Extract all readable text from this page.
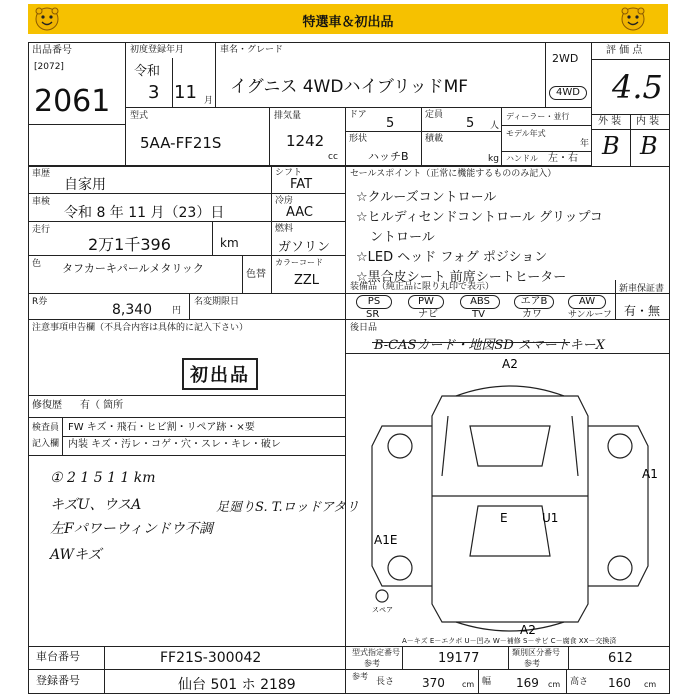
特選車＆初出品
出品番号
[2072]
2061
初度登録年月
令和
3 11 月
車名・グレード
イグニス 4WDハイブリッドMF
2WD
4WD
評 価 点
4.5
型式
5AA-FF21S
排気量
1242
cc
ドア
5
定員
5 人
形状
ハッチB
積載
kg
ディーラー・並行
モデル年式
年
ハンドル 左・右
外 装 内 装
B B
車歴
自家用
シフト
FAT
車検
令和 8 年 11 月（23）日
冷房
AAC
走行
2万1千396	km
燃料
ガソリン
色 タフカーキパールメタリック	色替
カラーコード
ZZL
セールスポイント（正常に機能するもののみ記入）
☆クルーズコントロール
☆ヒルディセンドコントロール グリップコ
ントロール
☆LED ヘッド フォグ ポジション
☆黒合皮シート 前席シートヒーター
R券	8,340 円
名変期限日
装備品（純正品に限り丸印で表示）
PS	PW	ABS	エアB	AW
SR	ナビ	TV	カワ	サンルーフ
新車保証書
有・無
後日品
B-CASカード・地図SD スマートキーX
注意事項申告欄（不具合内容は具体的に記入下さい）
初出品
修復歴 有（ 箇所
検査員
記入欄
FW キズ・飛石・ヒビ割・リペア跡・×要
内装 キズ・汚レ・コゲ・穴・スレ・キレ・破レ
① 2 1 5 1 1 km
キズU、ウスA	足廻りS. T.ロッドアタリ
左Fパワーウィンドウ不調
AWキズ
A2
A1
A1E
E	U1
A2
スペア
A－キズ E－エクボ U－凹み W－補修 S－サビ C－腐食 XX－交換済
車台番号	FF21S-300042
登録番号	仙台 501 ホ 2189
型式指定番号
参考	19177	類別区分番号
参考	612
参考
長さ 370 cm 幅 169 cm 高さ 160 cm
